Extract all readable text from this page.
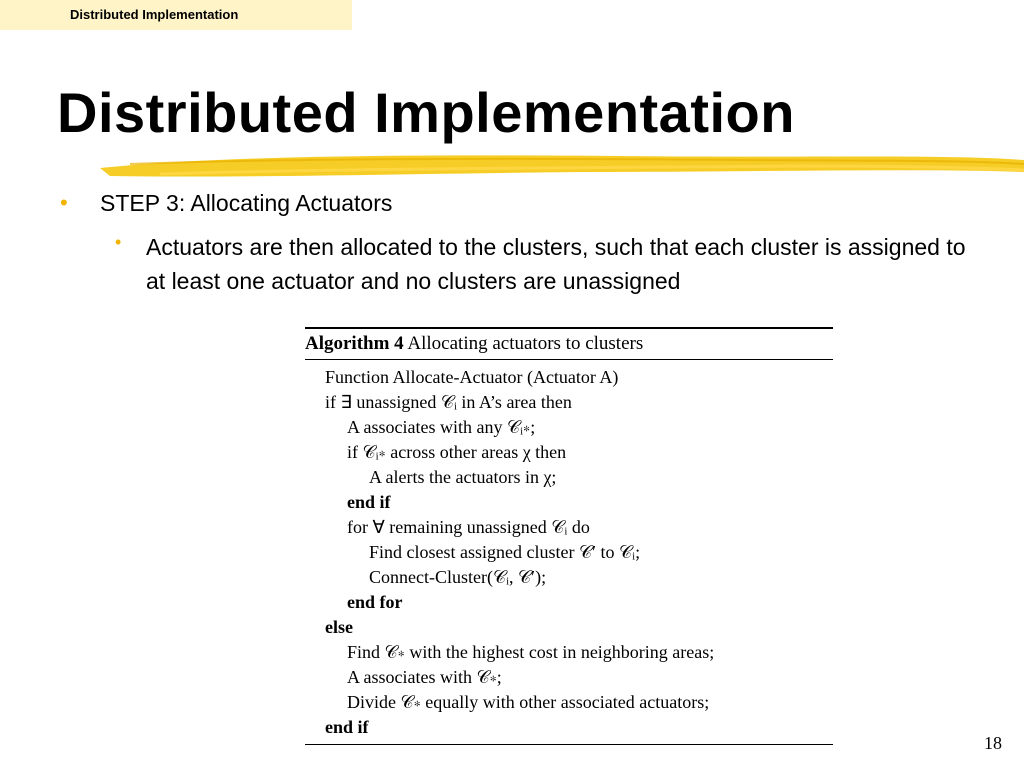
Distributed Implementation
Distributed Implementation
• STEP 3: Allocating Actuators
• Actuators are then allocated to the clusters, such that each cluster is assigned to at least one actuator and no clusters are unassigned
Algorithm 4 Allocating actuators to clusters
Function Allocate-Actuator (Actuator A)
if ∃ unassigned 𝒞ᵢ in A’s area then
A associates with any 𝒞ᵢ∗;
if 𝒞ᵢ∗ across other areas χ then
A alerts the actuators in χ;
end if
for ∀ remaining unassigned 𝒞ᵢ do
Find closest assigned cluster 𝒞′ to 𝒞ᵢ;
Connect-Cluster(𝒞ᵢ, 𝒞′);
end for
else
Find 𝒞∗ with the highest cost in neighboring areas;
A associates with 𝒞∗;
Divide 𝒞∗ equally with other associated actuators;
end if
18
